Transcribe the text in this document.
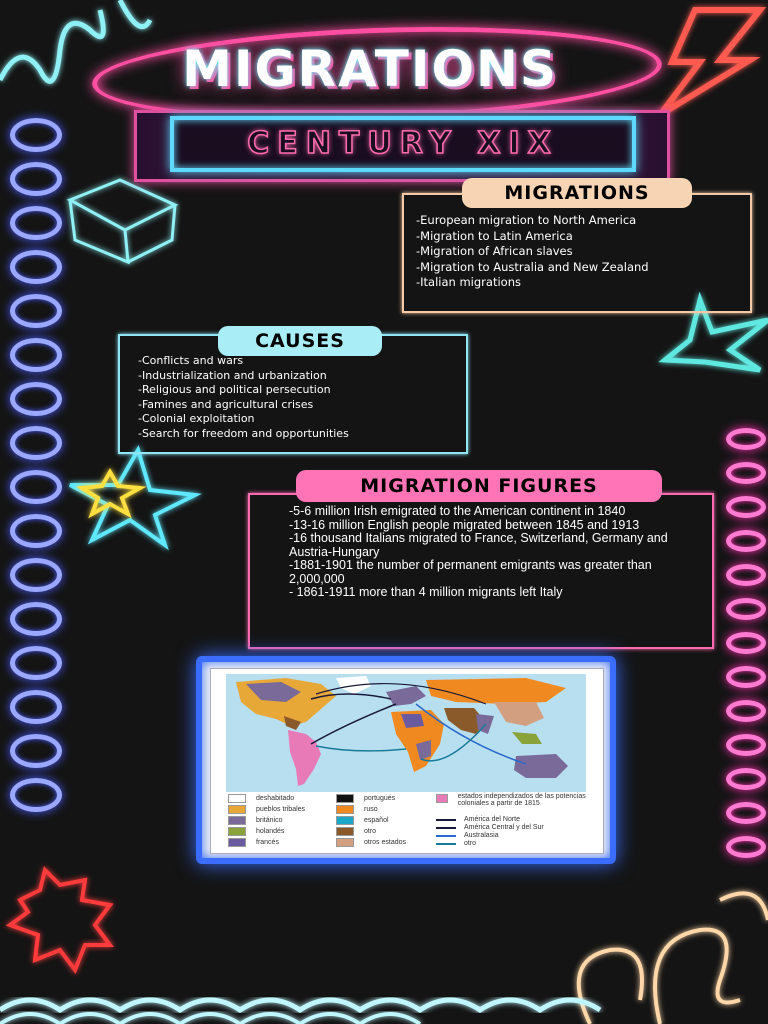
MIGRATIONS
CENTURY XIX
MIGRATIONS
-European migration to North America
-Migration to Latin America
-Migration of African slaves
-Migration to Australia and New Zealand
-Italian migrations
CAUSES
-Conflicts and wars
-Industrialization and urbanization
-Religious and political persecution
-Famines and agricultural crises
-Colonial exploitation
-Search for freedom and opportunities
MIGRATION FIGURES
-5-6 million Irish emigrated to the American continent in 1840
-13-16 million English people migrated between 1845 and 1913
-16 thousand Italians migrated to France, Switzerland, Germany and Austria-Hungary
-1881-1901 the number of permanent emigrants was greater than 2,000,000
- 1861-1911 more than 4 million migrants left Italy
deshabitado
pueblos tribales
británico
holandés
francés
portugués
ruso
español
otro
otros estados
estados independizados de las potencias coloniales a partir de 1815
América del Norte
América Central y del Sur
Australasia
otro
